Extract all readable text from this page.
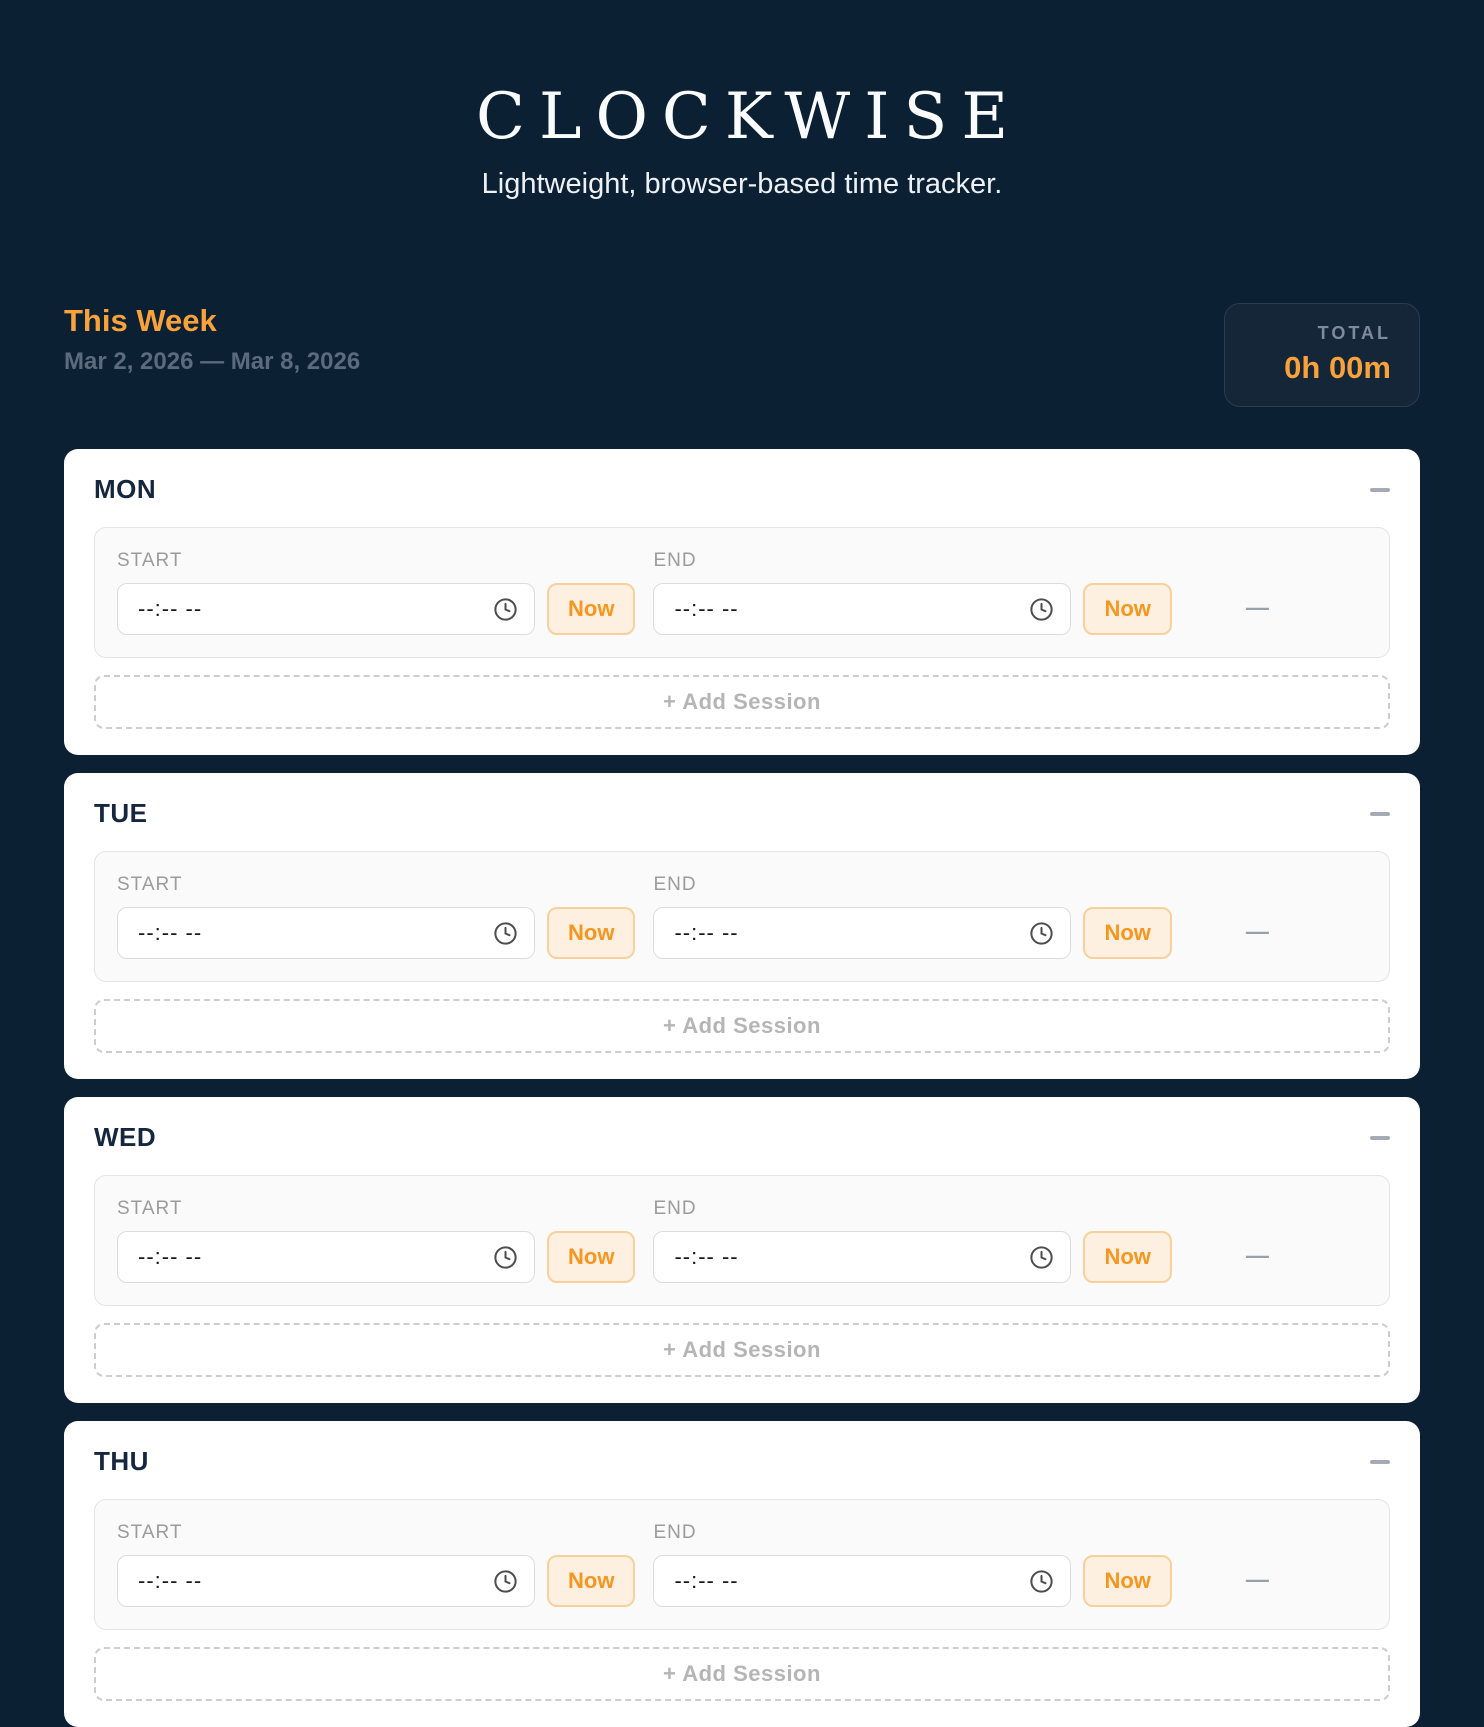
CLOCKWISE

Lightweight, browser-based time tracker.

This Week
Mar 2, 2026 — Mar 8, 2026
TOTAL
0h 00m
MON
START
--:-- --	Now
END
--:-- --	Now	—
+ Add Session
TUE
START
--:-- --	Now
END
--:-- --	Now	—
+ Add Session
WED
START
--:-- --	Now
END
--:-- --	Now	—
+ Add Session
THU
START
--:-- --	Now
END
--:-- --	Now	—
+ Add Session
